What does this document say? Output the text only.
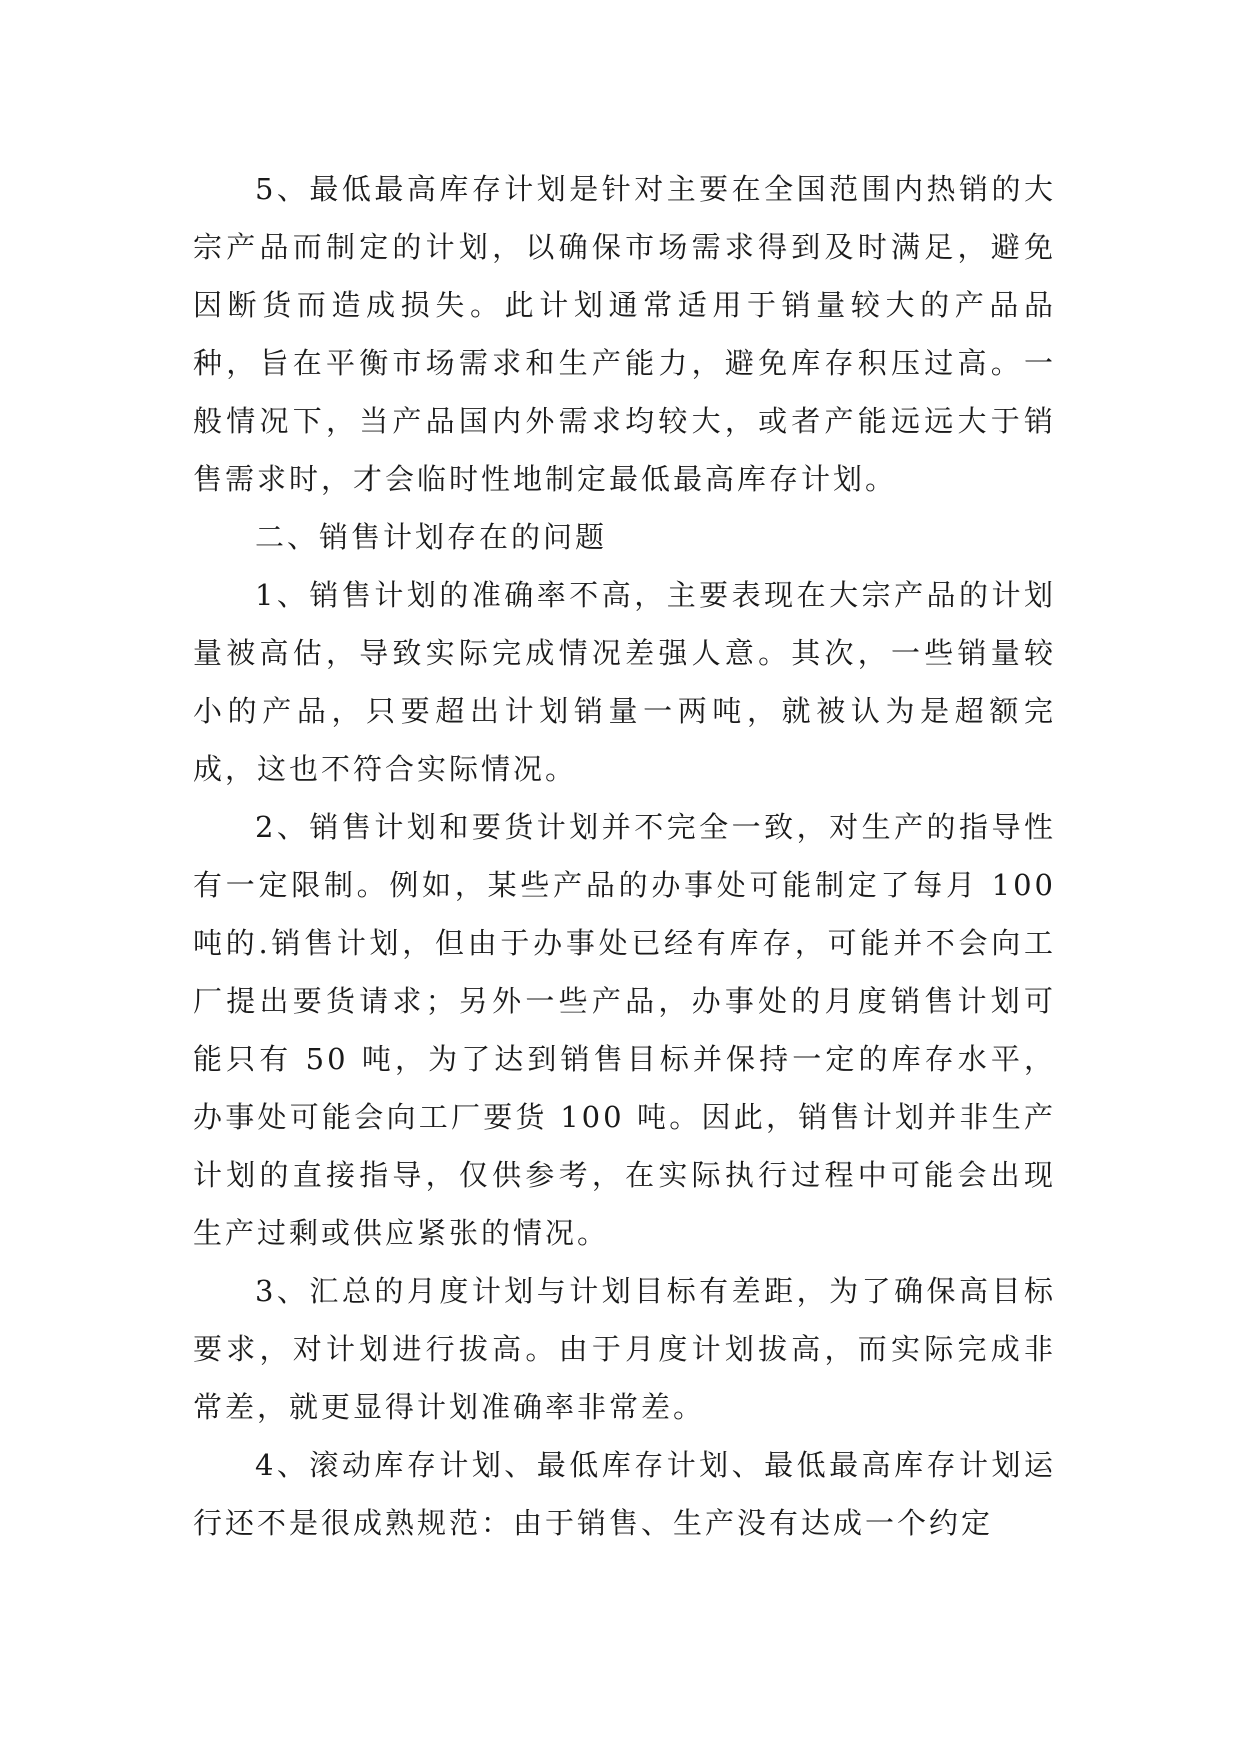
5、最低最高库存计划是针对主要在全国范围内热销的大宗产品而制定的计划，以确保市场需求得到及时满足，避免因断货而造成损失。此计划通常适用于销量较大的产品品种，旨在平衡市场需求和生产能力，避免库存积压过高。一般情况下，当产品国内外需求均较大，或者产能远远大于销售需求时，才会临时性地制定最低最高库存计划。

二、销售计划存在的问题

1、销售计划的准确率不高，主要表现在大宗产品的计划量被高估，导致实际完成情况差强人意。其次，一些销量较小的产品，只要超出计划销量一两吨，就被认为是超额完成，这也不符合实际情况。

2、销售计划和要货计划并不完全一致，对生产的指导性有一定限制。例如，某些产品的办事处可能制定了每月 100 吨的.销售计划，但由于办事处已经有库存，可能并不会向工厂提出要货请求；另外一些产品，办事处的月度销售计划可能只有 50 吨，为了达到销售目标并保持一定的库存水平，办事处可能会向工厂要货 100 吨。因此，销售计划并非生产计划的直接指导，仅供参考，在实际执行过程中可能会出现生产过剩或供应紧张的情况。

3、汇总的月度计划与计划目标有差距，为了确保高目标要求，对计划进行拔高。由于月度计划拔高，而实际完成非常差，就更显得计划准确率非常差。

4、滚动库存计划、最低库存计划、最低最高库存计划运行还不是很成熟规范：由于销售、生产没有达成一个约定
